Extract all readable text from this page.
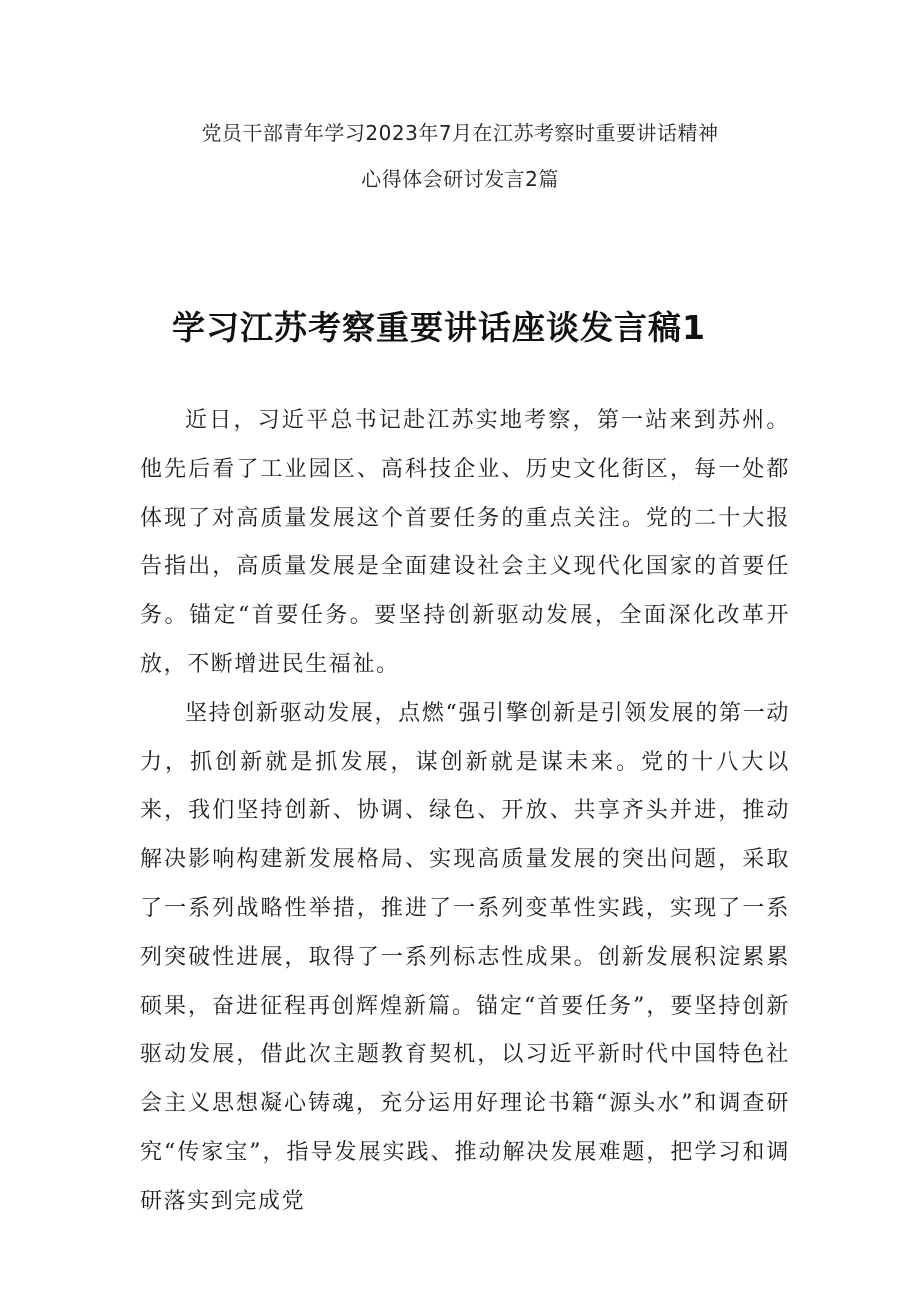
党员干部青年学习2023年7月在江苏考察时重要讲话精神
心得体会研讨发言2篇
学习江苏考察重要讲话座谈发言稿1

近日，习近平总书记赴江苏实地考察，第一站来到苏州。他先后看了工业园区、高科技企业、历史文化街区，每一处都体现了对高质量发展这个首要任务的重点关注。党的二十大报告指出，高质量发展是全面建设社会主义现代化国家的首要任务。锚定“首要任务。要坚持创新驱动发展，全面深化改革开放，不断增进民生福祉。

坚持创新驱动发展，点燃“强引擎创新是引领发展的第一动力，抓创新就是抓发展，谋创新就是谋未来。党的十八大以来，我们坚持创新、协调、绿色、开放、共享齐头并进，推动解决影响构建新发展格局、实现高质量发展的突出问题，采取了一系列战略性举措，推进了一系列变革性实践，实现了一系列突破性进展，取得了一系列标志性成果。创新发展积淀累累硕果，奋进征程再创辉煌新篇。锚定“首要任务”，要坚持创新驱动发展，借此次主题教育契机，以习近平新时代中国特色社会主义思想凝心铸魂，充分运用好理论书籍“源头水”和调查研究“传家宝”，指导发展实践、推动解决发展难题，把学习和调研落实到完成党
